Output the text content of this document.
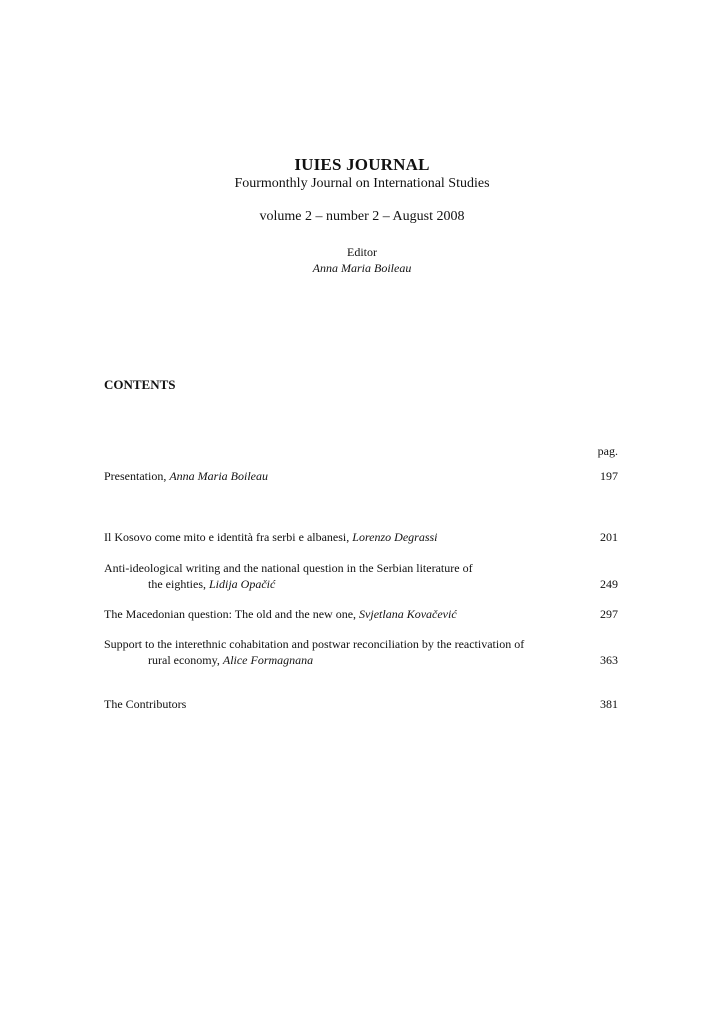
IUIES JOURNAL
Fourmonthly Journal on International Studies
volume 2 – number 2 – August 2008
Editor
Anna Maria Boileau
CONTENTS
pag.
Presentation, Anna Maria Boileau	197
Il Kosovo come mito e identità fra serbi e albanesi, Lorenzo Degrassi	201
Anti-ideological writing and the national question in the Serbian literature of
the eighties, Lidija Opačić	249
The Macedonian question: The old and the new one, Svjetlana Kovačević	297
Support to the interethnic cohabitation and postwar reconciliation by the reactivation of
rural economy, Alice Formagnana	363
The Contributors	381
